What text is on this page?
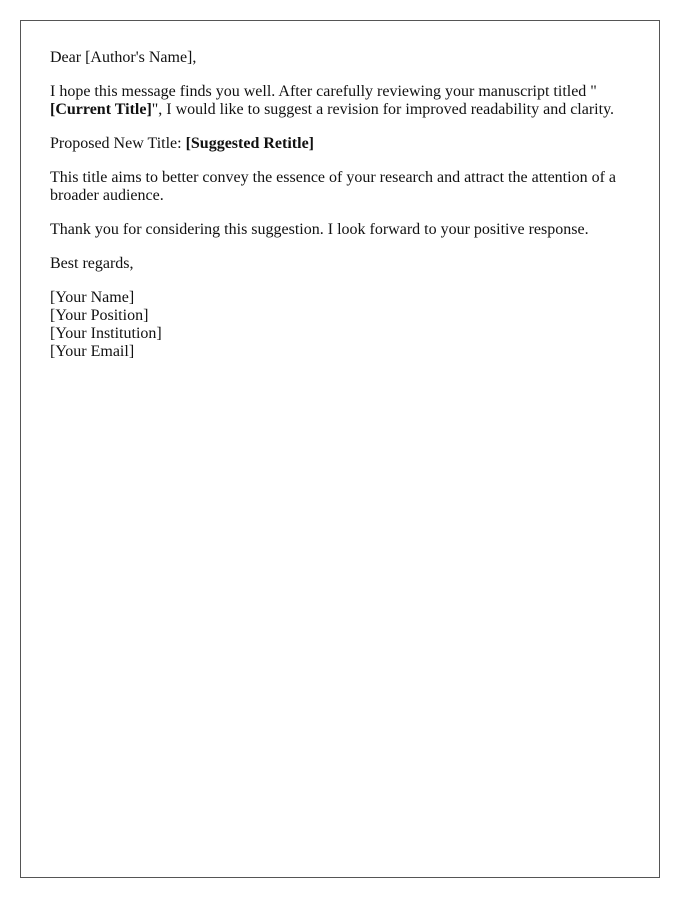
Dear [Author's Name],

I hope this message finds you well. After carefully reviewing your manuscript titled "[Current Title]", I would like to suggest a revision for improved readability and clarity.

Proposed New Title: [Suggested Retitle]

This title aims to better convey the essence of your research and attract the attention of a broader audience.

Thank you for considering this suggestion. I look forward to your positive response.

Best regards,

[Your Name]
[Your Position]
[Your Institution]
[Your Email]
